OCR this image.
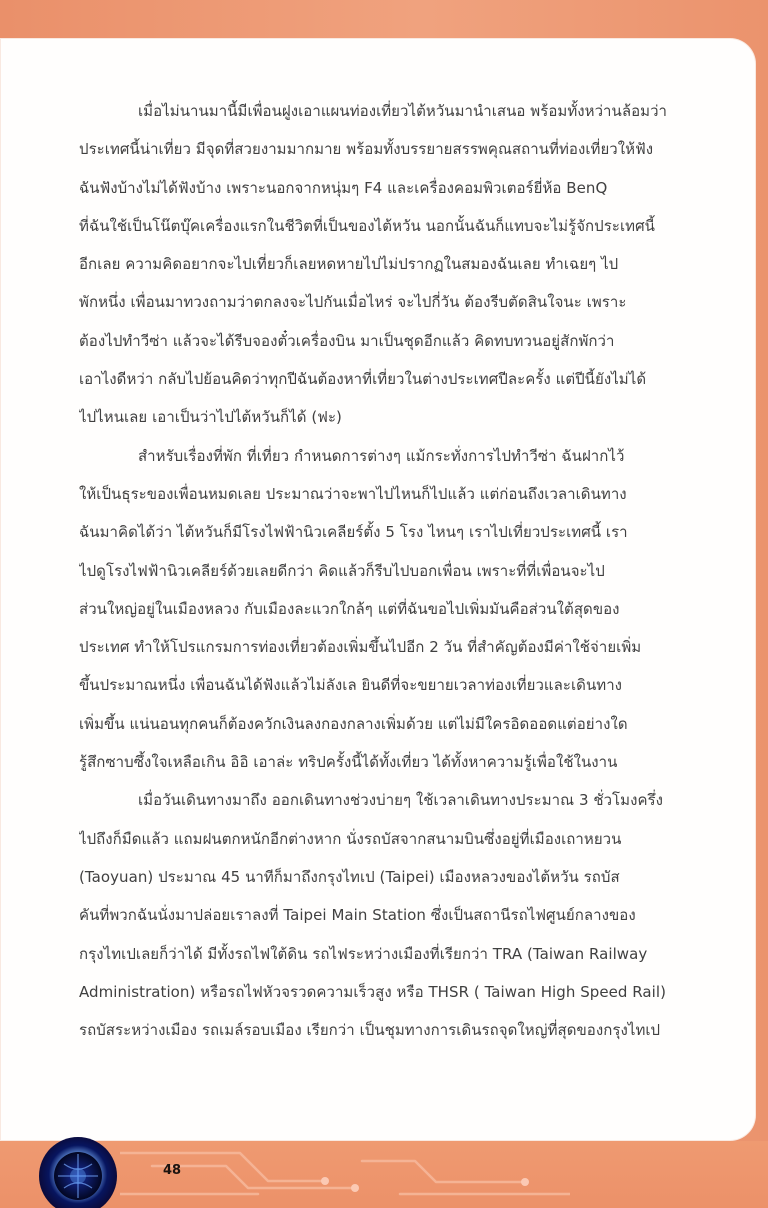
เมื่อไม่นานมานี้มีเพื่อนฝูงเอาแผนท่องเที่ยวไต้หวันมานำเสนอ พร้อมทั้งหว่านล้อมว่า
ประเทศนี้น่าเที่ยว มีจุดที่สวยงามมากมาย พร้อมทั้งบรรยายสรรพคุณสถานที่ท่องเที่ยวให้ฟัง
ฉันฟังบ้างไม่ได้ฟังบ้าง เพราะนอกจากหนุ่มๆ F4 และเครื่องคอมพิวเตอร์ยี่ห้อ BenQ
ที่ฉันใช้เป็นโน๊ตบุ๊คเครื่องแรกในชีวิตที่เป็นของไต้หวัน นอกนั้นฉันก็แทบจะไม่รู้จักประเทศนี้
อีกเลย ความคิดอยากจะไปเที่ยวก็เลยหดหายไปไม่ปรากฏในสมองฉันเลย ทำเฉยๆ ไป
พักหนึ่ง เพื่อนมาทวงถามว่าตกลงจะไปกันเมื่อไหร่ จะไปกี่วัน ต้องรีบตัดสินใจนะ เพราะ
ต้องไปทำวีซ่า แล้วจะได้รีบจองตั๋วเครื่องบิน มาเป็นชุดอีกแล้ว คิดทบทวนอยู่สักพักว่า
เอาไงดีหว่า กลับไปย้อนคิดว่าทุกปีฉันต้องหาที่เที่ยวในต่างประเทศปีละครั้ง แต่ปีนี้ยังไม่ได้
ไปไหนเลย เอาเป็นว่าไปไต้หวันก็ได้ (ฟะ)
สำหรับเรื่องที่พัก ที่เที่ยว กำหนดการต่างๆ แม้กระทั่งการไปทำวีซ่า ฉันฝากไว้
ให้เป็นธุระของเพื่อนหมดเลย ประมาณว่าจะพาไปไหนก็ไปแล้ว แต่ก่อนถึงเวลาเดินทาง
ฉันมาคิดได้ว่า ไต้หวันก็มีโรงไฟฟ้านิวเคลียร์ตั้ง 5 โรง ไหนๆ เราไปเที่ยวประเทศนี้ เรา
ไปดูโรงไฟฟ้านิวเคลียร์ด้วยเลยดีกว่า คิดแล้วก็รีบไปบอกเพื่อน เพราะที่ที่เพื่อนจะไป
ส่วนใหญ่อยู่ในเมืองหลวง กับเมืองละแวกใกล้ๆ แต่ที่ฉันขอไปเพิ่มมันคือส่วนใต้สุดของ
ประเทศ ทำให้โปรแกรมการท่องเที่ยวต้องเพิ่มขึ้นไปอีก 2 วัน ที่สำคัญต้องมีค่าใช้จ่ายเพิ่ม
ขึ้นประมาณหนึ่ง เพื่อนฉันได้ฟังแล้วไม่ลังเล ยินดีที่จะขยายเวลาท่องเที่ยวและเดินทาง
เพิ่มขึ้น แน่นอนทุกคนก็ต้องควักเงินลงกองกลางเพิ่มด้วย แต่ไม่มีใครอิดออดแต่อย่างใด
รู้สึกซาบซึ้งใจเหลือเกิน อิอิ เอาล่ะ ทริปครั้งนี้ได้ทั้งเที่ยว ได้ทั้งหาความรู้เพื่อใช้ในงาน
เมื่อวันเดินทางมาถึง ออกเดินทางช่วงบ่ายๆ ใช้เวลาเดินทางประมาณ 3 ชั่วโมงครึ่ง
ไปถึงก็มืดแล้ว แถมฝนตกหนักอีกต่างหาก นั่งรถบัสจากสนามบินซึ่งอยู่ที่เมืองเถาหยวน
(Taoyuan) ประมาณ 45 นาทีก็มาถึงกรุงไทเป (Taipei) เมืองหลวงของไต้หวัน รถบัส
คันที่พวกฉันนั่งมาปล่อยเราลงที่ Taipei Main Station ซึ่งเป็นสถานีรถไฟศูนย์กลางของ
กรุงไทเปเลยก็ว่าได้ มีทั้งรถไฟใต้ดิน รถไฟระหว่างเมืองที่เรียกว่า TRA (Taiwan Railway
Administration) หรือรถไฟหัวจรวดความเร็วสูง หรือ THSR ( Taiwan High Speed Rail)
รถบัสระหว่างเมือง รถเมล์รอบเมือง เรียกว่า เป็นชุมทางการเดินรถจุดใหญ่ที่สุดของกรุงไทเป
48
